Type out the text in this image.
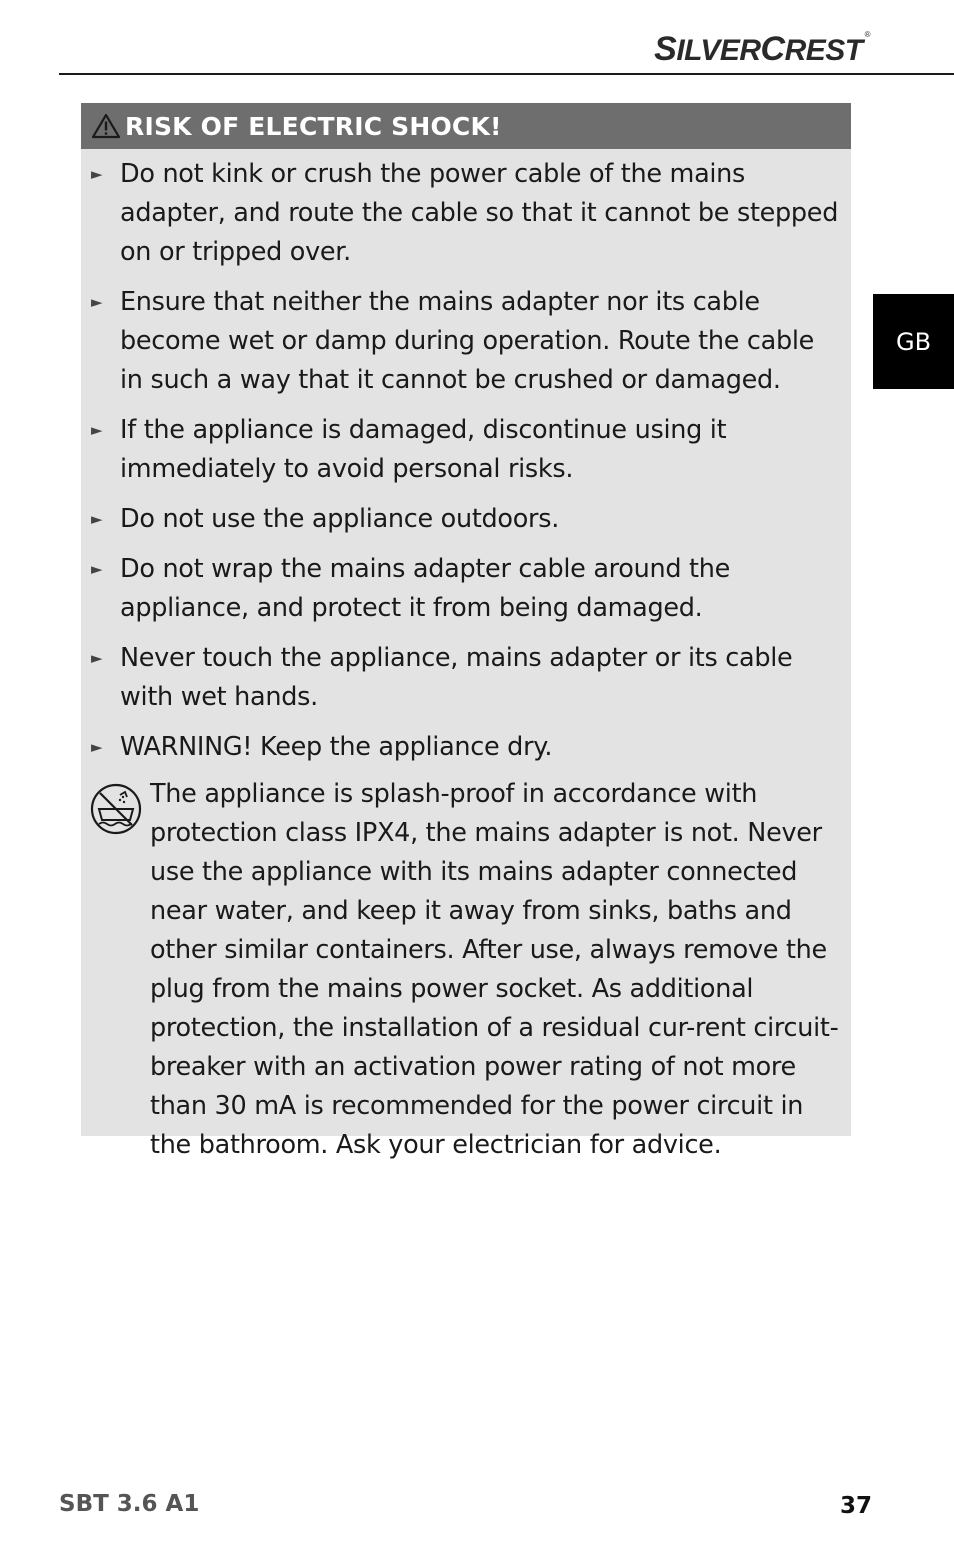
SILVERCREST ®
GB
RISK OF ELECTRIC SHOCK!
► Do not kink or crush the power cable of the mains adapter, and route the cable so that it cannot be stepped on or tripped over.
► Ensure that neither the mains adapter nor its cable become wet or damp during operation. Route the cable in such a way that it cannot be crushed or damaged.
► If the appliance is damaged, discontinue using it immediately to avoid personal risks.
► Do not use the appliance outdoors.
► Do not wrap the mains adapter cable around the appliance, and protect it from being damaged.
► Never touch the appliance, mains adapter or its cable with wet hands.
► WARNING! Keep the appliance dry.

The appliance is splash-proof in accordance with protection class IPX4, the mains adapter is not. Never use the appliance with its mains adapter connected near water, and keep it away from sinks, baths and other similar containers. After use, always remove the plug from the mains power socket. As additional protection, the installation of a residual cur-rent circuit-breaker with an activation power rating of not more than 30 mA is recommended for the power circuit in the bathroom. Ask your electrician for advice.

SBT 3.6 A1	37
